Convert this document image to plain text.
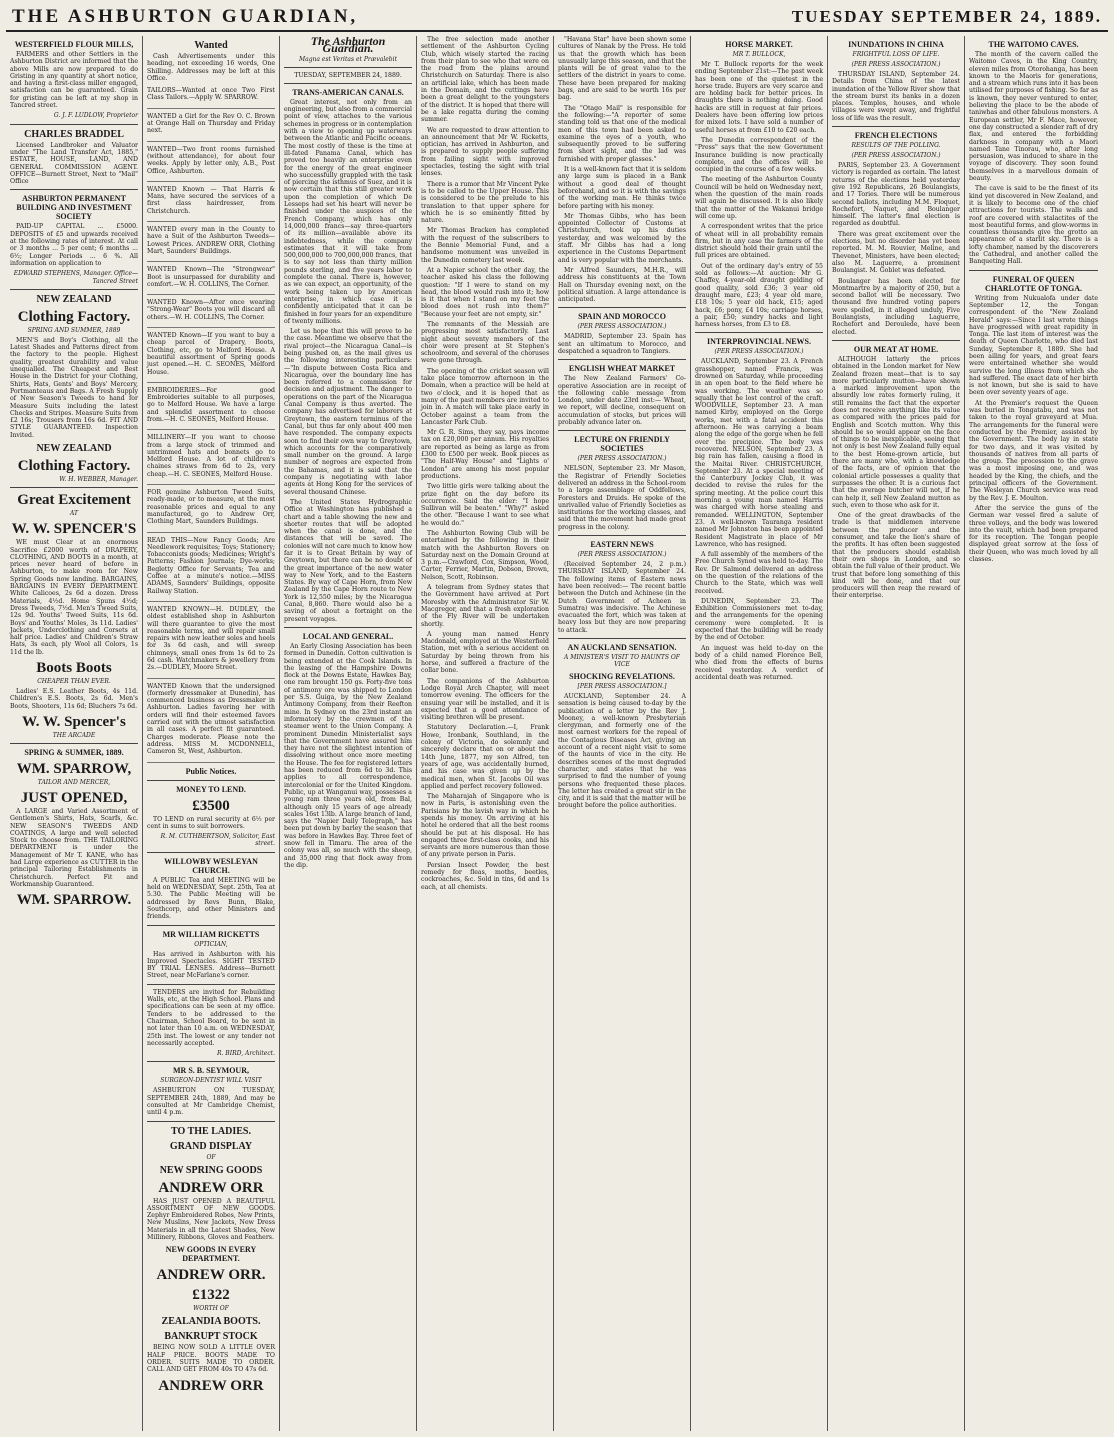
THE ASHBURTON GUARDIAN,	TUESDAY SEPTEMBER 24, 1889.
WESTERFIELD FLOUR MILLS,

FARMERS and other Settlers in the Ashburton District are informed that the above Mills are now prepared to do Gristing in any quantity at short notice, and having a first-class miller engaged, satisfaction can be guaranteed. Grain for gristing can be left at my shop in Tancred street.

G. J. F. LUDLOW, Proprietor
CHARLES BRADDEL

Licensed Landbroker and Valuator under "The Land Transfer Act, 1885," ESTATE, HOUSE, LAND, AND GENERAL COMMISSION AGENT. OFFICE—Burnett Street, Next to "Mail" Office

ASHBURTON PERMANENT BUILDING AND INVESTMENT SOCIETY

PAID-UP CAPITAL ... £5000. DEPOSITS of £5 and upwards received at the following rates of interest. At call or 3 months ... 5 per cent; 6 months ... 6½; Longer Periods ... 6 %. All information on application to

EDWARD STEPHENS, Manager. Office—Tancred Street
NEW ZEALAND
Clothing Factory.
SPRING AND SUMMER, 1889

MEN'S and Boy's Clothing, all the Latest Shades and Patterns direct from the factory to the people. Highest quality, greatest durability and value unequalled. The Cheapest and Best House in the District for your Clothing, Shirts, Hats, Gents' and Boys' Mercery, Portmanteaus and Bags. A Fresh Supply of New Season's Tweeds to hand for Measure Suits including the latest Checks and Stripes. Measure Suits from £2 16s; Trousers from 16s 6d. FIT AND STYLE GUARANTEED. Inspection Invited.

NEW ZEALAND
Clothing Factory.
W. H. WEBBER, Manager.
Great Excitement
AT
W. W. SPENCER'S

WE must Clear at an enormous Sacrifice £2000 worth of DRAPERY, CLOTHING, AND BOOTS in a month, at prices never heard of before in Ashburton, to make room for New Spring Goods now landing. BARGAINS, BARGAINS IN EVERY DEPARTMENT. White Calicoes, 2s 6d a dozen. Dress Materials, 4½d. Home Spuns 4½d; Dress Tweeds, 7½d. Men's Tweed Suits, 12s 9d. Youths' Tweed Suits, 11s 6d. Boys' and Youths' Moles, 3s 11d. Ladies' Jackets, Underclothing and Corsets at half price. Ladies' and Children's Straw Hats, 3s each, ply Wool all Colors, 1s 11d the lb.

Boots Boots
CHEAPER THAN EVER.

Ladies' E.S. Leather Boots, 4s 11d. Children's E.S. Boots, 2s 6d. Men's Boots, Shooters, 11s 6d; Bluchers 7s 6d.

W. W. Spencer's
THE ARCADE
SPRING & SUMMER, 1889.
WM. SPARROW,
TAILOR AND MERCER,
JUST OPENED,

A LARGE and Varied Assortment of Gentlemen's Shirts, Hats, Scarfs, &c. NEW SEASON'S TWEEDS AND COATINGS, A large and well selected Stock to choose from. THE TAILORING DEPARTMENT is under the Management of Mr T. KANE, who has had Large experience as CUTTER in the principal Tailoring Establishments in Christchurch. Perfect Fit and Workmanship Guaranteed.

WM. SPARROW.
Wanted

Cash Advertisements under this heading, not exceeding 16 words, One Shilling. Addresses may be left at this Office.

TAILORS—Wanted at once Two First Class Tailors.—Apply W. SPARROW.

WANTED a Girl for the Rev O. C. Brown at Orange Hall on Thursday and Friday next.

WANTED—Two front rooms furnished (without attendance), for about four weeks. Apply by letter only, A.B., Post Office, Ashburton.

WANTED Known — That Harris & Mans, have secured the services of a first class hairdresser, from Christchurch.

WANTED every man in the County to have a Suit of the Ashburton Tweeds—Lowest Prices. ANDREW ORR, Clothing Mart, Saunders' Buildings.

WANTED Known—The "Strongwear" Boot is unsurpassed for durability and comfort.—W. H. COLLINS, The Corner.

WANTED Known—After once wearing "Strong-Wear" Boots you will discard all others.—W. H. COLLINS, The Corner.

WANTED Known—If you want to buy a cheap parcel of Drapery, Boots, Clothing, etc, go to Melford House. A beautiful assortment of Spring goods just opened.—H. C. SEONES, Melford House.

EMBROIDERIES—For good Embroideries suitable to all purposes, go to Melford House. We have a large and splendid assortment to choose from.—H. C. SEONES, Melford House.

MILLINERY—If you want to choose from a large stock of trimmed and untrimmed hats and bonnets go to Melford House. A lot of children's chaines straws from 6d to 2s, very cheap.—H. C. SEONES, Melford House.

FOR genuine Ashburton Tweed Suits, ready-made, or to measure, at the most reasonable prices and equal to any manufactured, go to Andrew Orr, Clothing Mart, Saunders Buildings.

READ THIS—New Fancy Goods; Are Needlework requisites; Toys; Stationery; Tobacconists goods; Medicines; Wright's Patterns; Fashion Journals; Dye-works; Begletty Office for Servants; Tea and Coffee at a minute's notice.—MISS ADAMS, Saunders' Buildings, opposite Railway Station.

WANTED KNOWN—H. DUDLEY, the oldest established shop in Ashburton will there guarantee to give the most reasonable terms, and will repair small repairs with new leather soles and heels for 3s 6d cash, and will sweep chimneys, small ones from 1s 6d to 2s 6d cash. Watchmakers & jewellery from 2s.—DUDLEY, Moore Street.

WANTED Known that the undersigned (formerly dressmaker at Dunedin), has commenced business as Dressmaker in Ashburton. Ladies favoring her with orders will find their esteemed favors carried out with the utmost satisfaction in all cases. A perfect fit guaranteed. Charges moderate. Please note the address. MISS M. MCDONNELL, Cameron St, West, Ashburton.

Public Notices.
MONEY TO LEND.
£3500

TO LEND on rural security at 6½ per cent in sums to suit borrowers.

R. M. CUTHBERTSON, Solicitor, East street.
WILLOWBY WESLEYAN CHURCH.

A PUBLIC Tea and MEETING will be held on WEDNESDAY, Sept. 25th, Tea at 5.30. The Public Meeting will be addressed by Revs Bunn, Blake, Southcorp, and other Ministers and friends.

MR WILLIAM RICKETTS
OPTICIAN,

Has arrived in Ashburton with his Improved Spectacles. SIGHT TESTED BY TRIAL LENSES. Address—Burnett Street, near McFarlane's corner.

TENDERS are invited for Rebuilding Walls, etc, at the High School. Plans and specifications can be seen at my office. Tenders to be addressed to the Chairman, School Board, to be sent in not later than 10 a.m. on WEDNESDAY, 25th inst. The lowest or any tender not necessarily accepted.

R. BIRD, Architect.
MR S. B. SEYMOUR,
SURGEON-DENTIST WILL VISIT

ASHBURTON ON TUESDAY, SEPTEMBER 24th, 1889, And may be consulted at Mr Cambridge Chemist, until 4 p.m.

TO THE LADIES.
GRAND DISPLAY
OF
NEW SPRING GOODS
ANDREW ORR

HAS JUST OPENED A BEAUTIFUL ASSORTMENT OF NEW GOODS. Zephyr Embroidered Robes, New Prints, New Muslins, New Jackets, New Dress Materials in all the Latest Shades, New Millinery, Ribbons, Gloves and Feathers.

NEW GOODS IN EVERY DEPARTMENT.
ANDREW ORR.
£1322
WORTH OF
ZEALANDIA BOOTS.
BANKRUPT STOCK

BEING NOW SOLD A LITTLE OVER HALF PRICE. BOOTS MADE TO ORDER. SUITS MADE TO ORDER. CALL AND GET FROM 40s TO 47s 6d.

ANDREW ORR
The Ashburton Guardian.
Magna est Veritas et Prævalebit
TUESDAY, SEPTEMBER 24, 1889.
TRANS-AMERICAN CANALS.

Great interest, not only from an engineering, but also from a commercial point of view, attaches to the various schemes in progress or in contemplation with a view to opening up waterways between the Atlantic and Pacific oceans. The most costly of these is the time at ill-fated Panama Canal, which has proved too heavily an enterprise even for the energy of the great engineer who successfully grappled with the task of piercing the isthmus of Suez, and it is now certain that this still greater work upon the completion of which De Lesseps had set his heart will never be finished under the auspices of the French Company, which has only 14,000,000 francs—say three-quarters of its million—available above its indebtedness, while the company estimates that it will take from 500,000,000 to 700,000,000 francs, that is to say not less than thirty million pounds sterling, and five years labor to complete the canal. There is, however, as we can expect, an opportunity, of the work being taken up by American enterprise, in which case it is confidently anticipated that it can be finished in four years for an expenditure of twenty millions.

Let us hope that this will prove to be the case. Meantime we observe that the rival project—the Nicaragua Canal—is being pushed on, as the mail gives us the following interesting particulars:—"In dispute between Costa Rica and Nicaragua, over the boundary line has been referred to a commission for decision and adjustment. The danger to operations on the part of the Nicaragua Canal Company is thus averted. The company has advertised for laborers at Greytown, the eastern terminus of the Canal, but thus far only about 400 men have responded. The company expects soon to find their own way to Greytown, which accounts for the comparatively small number on the ground. A large number of negroes are expected from the Bahamas, and it is said that the company is negotiating with labor agents at Hong Kong for the services of several thousand Chinese.

The United States Hydrographic Office at Washington has published a chart and a table showing the new and shorter routes that will be adopted when the canal is done, and the distances that will be saved. The colonies will not care much to know how far it is to Great Britain by way of Greytown, but there can be no doubt of the great importance of the new water way to New York, and to the Eastern States. By way of Cape Horn, from New Zealand by the Cape Horn route to New York is 12,550 miles; by the Nicaragua Canal, 8,860. There would also be a saving of about a fortnight on the present voyages.

LOCAL AND GENERAL.

An Early Closing Association has been formed in Dunedin. Cotton cultivation is being extended at the Cook Islands. In the leasing of the Hampshire Downs flock at the Downs Estate, Hawkes Bay, one ram brought 150 gs. Forty-five tons of antimony ore was shipped to London per S.S. Guiga, by the New Zealand Antimony Company, from their Reefton mine. In Sydney on the 23rd instant an informatory by the crewmen of the steamer went to the Union Company. A prominent Dunedin Ministerialist says that the Government have assured him they have not the slightest intention of dissolving without once more meeting the House. The fee for registered letters has been reduced from 6d to 3d. This applies to all correspondence, intercolonial or for the United Kingdom. Public, up at Wanganui way, possesses a young ram three years old, from Bal, although only 15 years of age already scales 16st 13lb. A large branch of land, says the "Napier Daily Telegraph," has been put down by barley the season that was before in Hawkes Bay. Three feet of snow fell in Timaru. The area of the colony was all, so much with the sheep, and 35,000 ring that flock away from the dip.

The free selection made another settlement of the Ashburton Cycling Club, which wisely started the racing from their plan to see who that were on the road from the plains around Christchurch on Saturday. There is also an artificial lake, which has been made in the Domain, and the cuttings have been a great delight to the youngsters of the district. It is hoped that there will be a lake regatta during the coming summer.

We are requested to draw attention to an announcement that Mr W. Ricketts, optician, has arrived in Ashburton, and is prepared to supply people suffering from failing sight with improved spectacles, testing the sight with trial lenses.

There is a rumor that Mr Vincent Pyke is to be called to the Upper House. This is considered to be the prelude to his translation to that upper sphere for which he is so eminently fitted by nature.

Mr Thomas Bracken has completed with the request of the subscribers to the Bennie Memorial Fund, and a handsome monument was unveiled in the Dunedin cemetery last week.

At a Napier school the other day, the teacher asked his class the following question: "If I were to stand on my head, the blood would rush into it; how is it that when I stand on my feet the blood does not rush into them?" "Because your feet are not empty, sir."

The remnants of the Messiah are progressing most satisfactorily. Last night about seventy members of the choir were present at St Stephen's schoolroom, and several of the choruses were gone through.

The opening of the cricket season will take place tomorrow afternoon in the Domain, when a practice will be held at two o'clock, and it is hoped that as many of the past members are invited to join in. A match will take place early in October against a team from the Lancaster Park Club.

Mr G. R. Sims, they say, pays income tax on £20,000 per annum. His royalties are reported as being as large as from £300 to £500 per week. Book pieces as "The Half-Way House" and "Lights o' London" are among his most popular productions.

Two little girls were talking about the prize fight on the day before its occurrence. Said the elder: "I hope Sullivan will be beaten." "Why?" asked the other. "Because I want to see what he would do."

The Ashburton Rowing Club will be entertained by the following in their match with the Ashburton Rovers on Saturday next on the Domain Ground at 3 p.m.—Crawford, Cox, Simpson, Wood, Carter, Ferrier, Martin, Dobson, Brown, Nelson, Scott, Robinson.

A telegram from Sydney states that the Government have arrived at Port Moresby with the Administrator Sir W. Macgregor, and that a fresh exploration of the Fly River will be undertaken shortly.

A young man named Henry Macdonald, employed at the Westerfield Station, met with a serious accident on Saturday by being thrown from his horse, and suffered a fracture of the collar bone.

The companions of the Ashburton Lodge Royal Arch Chapter, will meet tomorrow evening. The officers for the ensuing year will be installed, and it is expected that a good attendance of visiting brethren will be present.

Statutory Declaration.—I, Frank Howe, Ironbank, Southland, in the colony of Victoria, do solemnly and sincerely declare that on or about the 14th June, 1877, my son Alfred, ten years of age, was accidentally burned, and his case was given up by the medical men, when St. Jacobs Oil was applied and perfect recovery followed.

The Maharajah of Singapore who is now in Paris, is astonishing even the Parisians by the lavish way in which he spends his money. On arriving at his hotel he ordered that all the best rooms should be put at his disposal. He has engaged three first-class cooks, and his servants are more numerous than those of any private person in Paris.

Persian Insect Powder, the best remedy for fleas, moths, beetles, cockroaches, &c. Sold in tins, 6d and 1s each, at all chemists.

"Havana Star" have been shown some cultures of Nanak by the Press. He told us that the growth which has been unusually large this season, and that the plants will be of great value to the settlers of the district in years to come. These have been prepared for making bags, and are said to be worth 16s per bag.

The "Otago Mail" is responsible for the following:—"A reporter of some standing told us that one of the medical men of this town had been asked to examine the eyes of a youth, who subsequently proved to be suffering from short sight, and the lad was furnished with proper glasses."

It is a well-known fact that it is seldom any large sum is placed in a Bank without a good deal of thought beforehand, and so it is with the savings of the working man. He thinks twice before parting with his money.

Mr Thomas Gibbs, who has been appointed Collector of Customs at Christchurch, took up his duties yesterday, and was welcomed by the staff. Mr Gibbs has had a long experience in the Customs Department and is very popular with the merchants.

Mr Alfred Saunders, M.H.R., will address his constituents at the Town Hall on Thursday evening next, on the political situation. A large attendance is anticipated.

SPAIN AND MOROCCO
(PER PRESS ASSOCIATION.)

MADRID, September 23. Spain has sent an ultimatum to Morocco, and despatched a squadron to Tangiers.

ENGLISH WHEAT MARKET

The New Zealand Farmers' Co-operative Association are in receipt of the following cable message from London, under date 23rd inst:— Wheat, we report, will decline, consequent on accumulation of stocks, but prices will probably advance later on.

LECTURE ON FRIENDLY SOCIETIES
(PER PRESS ASSOCIATION.)

NELSON, September 23. Mr Mason, the Registrar of Friendly Societies delivered an address in the School-room to a large assemblage of Oddfellows, Foresters and Druids. He spoke of the unrivalled value of Friendly Societies as institutions for the working classes, and said that the movement had made great progress in the colony.

EASTERN NEWS
(PER PRESS ASSOCIATION.)

(Received September 24, 2 p.m.) THURSDAY ISLAND, September 24. The following items of Eastern news have been received:— The recent battle between the Dutch and Achinese (in the Dutch Government of Acheen in Sumatra) was indecisive. The Achinese evacuated the fort, which was taken at heavy loss but they are now preparing to attack.

AN AUCKLAND SENSATION.
A MINISTER'S VISIT TO HAUNTS OF VICE
SHOCKING REVELATIONS.
[PER PRESS ASSOCIATION.]

AUCKLAND, September 24. A sensation is being caused to-day by the publication of a letter by the Rev J. Mooney, a well-known Presbyterian clergyman, and formerly one of the most earnest workers for the repeal of the Contagious Diseases Act, giving an account of a recent night visit to some of the haunts of vice in the city. He describes scenes of the most degraded character, and states that he was surprised to find the number of young persons who frequented these places. The letter has created a great stir in the city, and it is said that the matter will be brought before the police authorities.

HORSE MARKET.
MR T. BULLOCK,

Mr T. Bullock reports for the week ending September 21st:—The past week has been one of the quietest in the horse trade. Buyers are very scarce and are holding back for better prices. In draughts there is nothing doing. Good hacks are still in request at fair prices. Dealers have been offering low prices for mixed lots. I have sold a number of useful horses at from £10 to £20 each.

The Dunedin correspondent of the "Press" says that the new Government Insurance building is now practically complete, and the offices will be occupied in the course of a few weeks.

The meeting of the Ashburton County Council will be held on Wednesday next, when the question of the main roads will again be discussed. It is also likely that the matter of the Wakanui bridge will come up.

A correspondent writes that the price of wheat will in all probability remain firm, but in any case the farmers of the district should hold their grain until the full prices are obtained.

Out of the ordinary day's entry of 55 sold as follows:—At auction: Mr G. Chaffey, 4-year-old draught gelding of good quality, sold £36; 3 year old draught mare, £23; 4 year old mare, £18 10s; 5 year old hack, £15; aged hack, £6; pony, £4 10s; carriage horses, a pair, £50; sundry hacks and light harness horses, from £3 to £8.

INTERPROVINCIAL NEWS.
(PER PRESS ASSOCIATION.)

AUCKLAND, September 23. A French grasshopper, named Francis, was drowned on Saturday, while proceeding in an open boat to the field where he was working. The weather was so squally that he lost control of the craft. WOODVILLE, September 23. A man named Kirby, employed on the Gorge works, met with a fatal accident this afternoon. He was carrying a beam along the edge of the gorge when he fell over the precipice. The body was recovered. NELSON, September 23. A big rain has fallen, causing a flood in the Maitai River. CHRISTCHURCH, September 23. At a special meeting of the Canterbury Jockey Club, it was decided to revise the rules for the spring meeting. At the police court this morning a young man named Harris was charged with horse stealing and remanded. WELLINGTON, September 23. A well-known Tauranga resident named Mr Johnston has been appointed Resident Magistrate in place of Mr Lawrence, who has resigned.

A full assembly of the members of the Free Church Synod was held to-day. The Rev. Dr Salmond delivered an address on the question of the relations of the Church to the State, which was well received.

DUNEDIN, September 23. The Exhibition Commissioners met to-day, and the arrangements for the opening ceremony were completed. It is expected that the building will be ready by the end of October.

An inquest was held to-day on the body of a child named Florence Bell, who died from the effects of burns received yesterday. A verdict of accidental death was returned.

INUNDATIONS IN CHINA
FRIGHTFUL LOSS OF LIFE.
(PER PRESS ASSOCIATION.)

THURSDAY ISLAND, September 24. Details from China of the latest inundation of the Yellow River show that the stream burst its banks in a dozen places. Temples, houses, and whole villages were swept away, and frightful loss of life was the result.

FRENCH ELECTIONS
RESULTS OF THE POLLING.
(PER PRESS ASSOCIATION.)

PARIS, September 23. A Government victory is regarded as certain. The latest returns of the elections held yesterday give 192 Republicans, 26 Boulangists, and 17 Tories. There will be numerous second ballots, including M.M. Floquet, Rochefort, Naquet, and Boulanger himself. The latter's final election is regarded as doubtful.

There was great excitement over the elections, but no disorder has yet been reported. M. M. Rouvier, Meline, and Thevenet, Ministers, have been elected; also M. Laguerre, a prominent Boulangist. M. Goblet was defeated.

Boulanger has been elected for Montmartre by a majority of 250, but a second ballot will be necessary. Two thousand five hundred voting papers were spoiled, in it alleged unduly, Five Boulangists, including Laguerre, Rochefort and Deroulede, have been elected.

OUR MEAT AT HOME.

ALTHOUGH latterly the prices obtained in the London market for New Zealand frozen meat—that is to say more particularly mutton—have shown a marked improvement upon the absurdly low rates formerly ruling, it still remains the fact that the exporter does not receive anything like its value as compared with the prices paid for English and Scotch mutton. Why this should be so would appear on the face of things to be inexplicable, seeing that not only is best New Zealand fully equal to the best Home-grown article, but there are many who, with a knowledge of the facts, are of opinion that the colonial article possesses a quality that surpasses the other. It is a curious fact that the average butcher will not, if he can help it, sell New Zealand mutton as such, even to those who ask for it.

One of the great drawbacks of the trade is that middlemen intervene between the producer and the consumer, and take the lion's share of the profits. It has often been suggested that the producers should establish their own shops in London, and so obtain the full value of their product. We trust that before long something of this kind will be done, and that our producers will then reap the reward of their enterprise.

THE WAITOMO CAVES.

The month of the cavern called the Waitomo Caves, in the King Country, eleven miles from Otorohanga, has been known to the Maoris for generations, and a stream which runs into it has been utilised for purposes of fishing. So far as is known, they never ventured to enter, believing the place to be the abode of taniwhas and other fabulous monsters. A European settler, Mr F. Mace, however, one day constructed a slender raft of dry flax, and entered the forbidding darkness in company with a Maori named Tane Tinorau, who, after long persuasion, was induced to share in the voyage of discovery. They soon found themselves in a marvellous domain of beauty.

The cave is said to be the finest of its kind yet discovered in New Zealand, and it is likely to become one of the chief attractions for tourists. The walls and roof are covered with stalactites of the most beautiful forms, and glow-worms in countless thousands give the grotto an appearance of a starlit sky. There is a lofty chamber, named by the discoverers the Cathedral, and another called the Banqueting Hall.

FUNERAL OF QUEEN CHARLOTTE OF TONGA.

Writing from Nukualofa under date September 12, the Tongan correspondent of the "New Zealand Herald" says:—Since I last wrote things have progressed with great rapidity in Tonga. The last item of interest was the death of Queen Charlotte, who died last Sunday, September 8, 1889. She had been ailing for years, and great fears were entertained whether she would survive the long illness from which she had suffered. The exact date of her birth is not known, but she is said to have been over seventy years of age.

At the Premier's request the Queen was buried in Tongatabu, and was not taken to the royal graveyard at Mua. The arrangements for the funeral were conducted by the Premier, assisted by the Government. The body lay in state for two days, and it was visited by thousands of natives from all parts of the group. The procession to the grave was a most imposing one, and was headed by the King, the chiefs, and the principal officers of the Government. The Wesleyan Church service was read by the Rev. J. E. Moulton.

After the service the guns of the German war vessel fired a salute of three volleys, and the body was lowered into the vault, which had been prepared for its reception. The Tongan people displayed great sorrow at the loss of their Queen, who was much loved by all classes.
